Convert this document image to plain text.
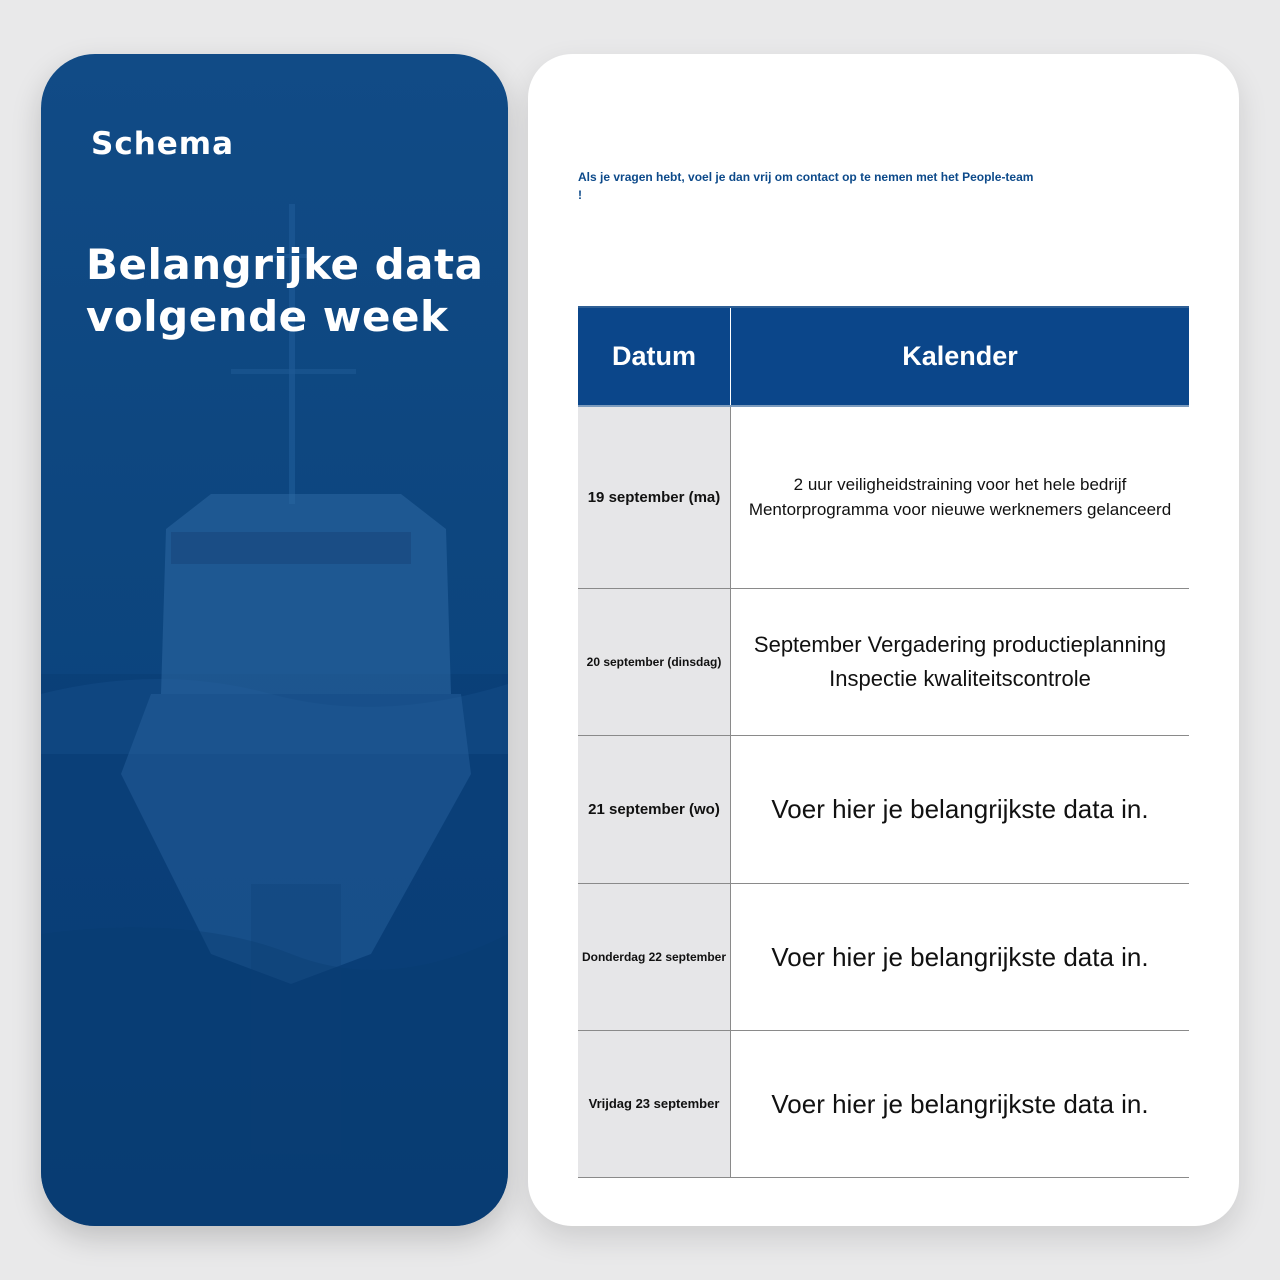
Schema
Belangrijke data volgende week

Als je vragen hebt, voel je dan vrij om contact op te nemen met het People-team
!

Datum	Kalender
19 september (ma)	2 uur veiligheidstraining voor het hele bedrijf
Mentorprogramma voor nieuwe werknemers gelanceerd

20 september (dinsdag)	September Vergadering productieplanning
Inspectie kwaliteitscontrole

21 september (wo)	Voer hier je belangrijkste data in.

Donderdag 22 september	Voer hier je belangrijkste data in.

Vrijdag 23 september	Voer hier je belangrijkste data in.
